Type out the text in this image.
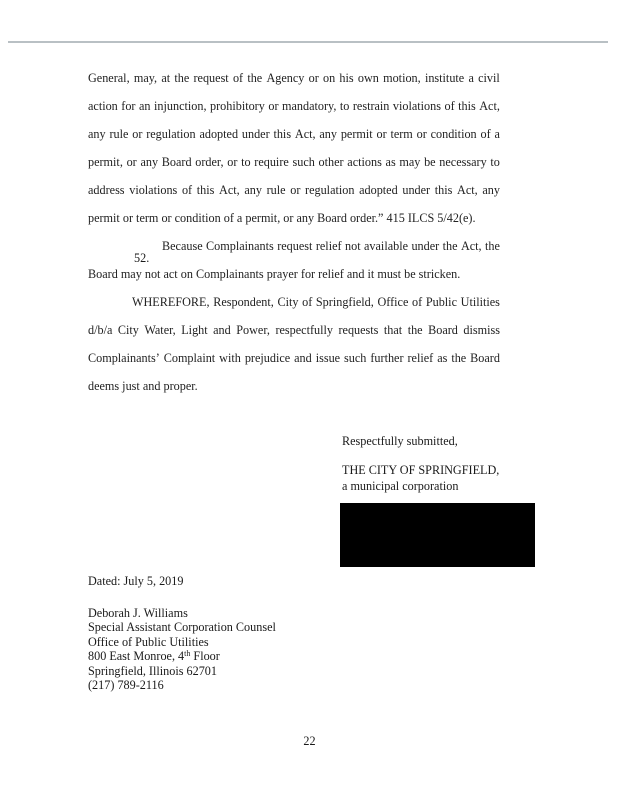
General, may, at the request of the Agency or on his own motion, institute a civil
action for an injunction, prohibitory or mandatory, to restrain violations of this Act,
any rule or regulation adopted under this Act, any permit or term or condition of a
permit, or any Board order, or to require such other actions as may be necessary to
address violations of this Act, any rule or regulation adopted under this Act, any
permit or term or condition of a permit, or any Board order.” 415 ILCS 5/42(e).
52.
Because Complainants request relief not available under the Act, the
Board may not act on Complainants prayer for relief and it must be stricken.
WHEREFORE, Respondent, City of Springfield, Office of Public Utilities
d/b/a City Water, Light and Power, respectfully requests that the Board dismiss
Complainants’ Complaint with prejudice and issue such further relief as the Board
deems just and proper.
Respectfully submitted,
THE CITY OF SPRINGFIELD,
a municipal corporation
Dated: July 5, 2019
Deborah J. Williams
Special Assistant Corporation Counsel
Office of Public Utilities
800 East Monroe, 4th Floor
Springfield, Illinois 62701
(217) 789-2116
22
